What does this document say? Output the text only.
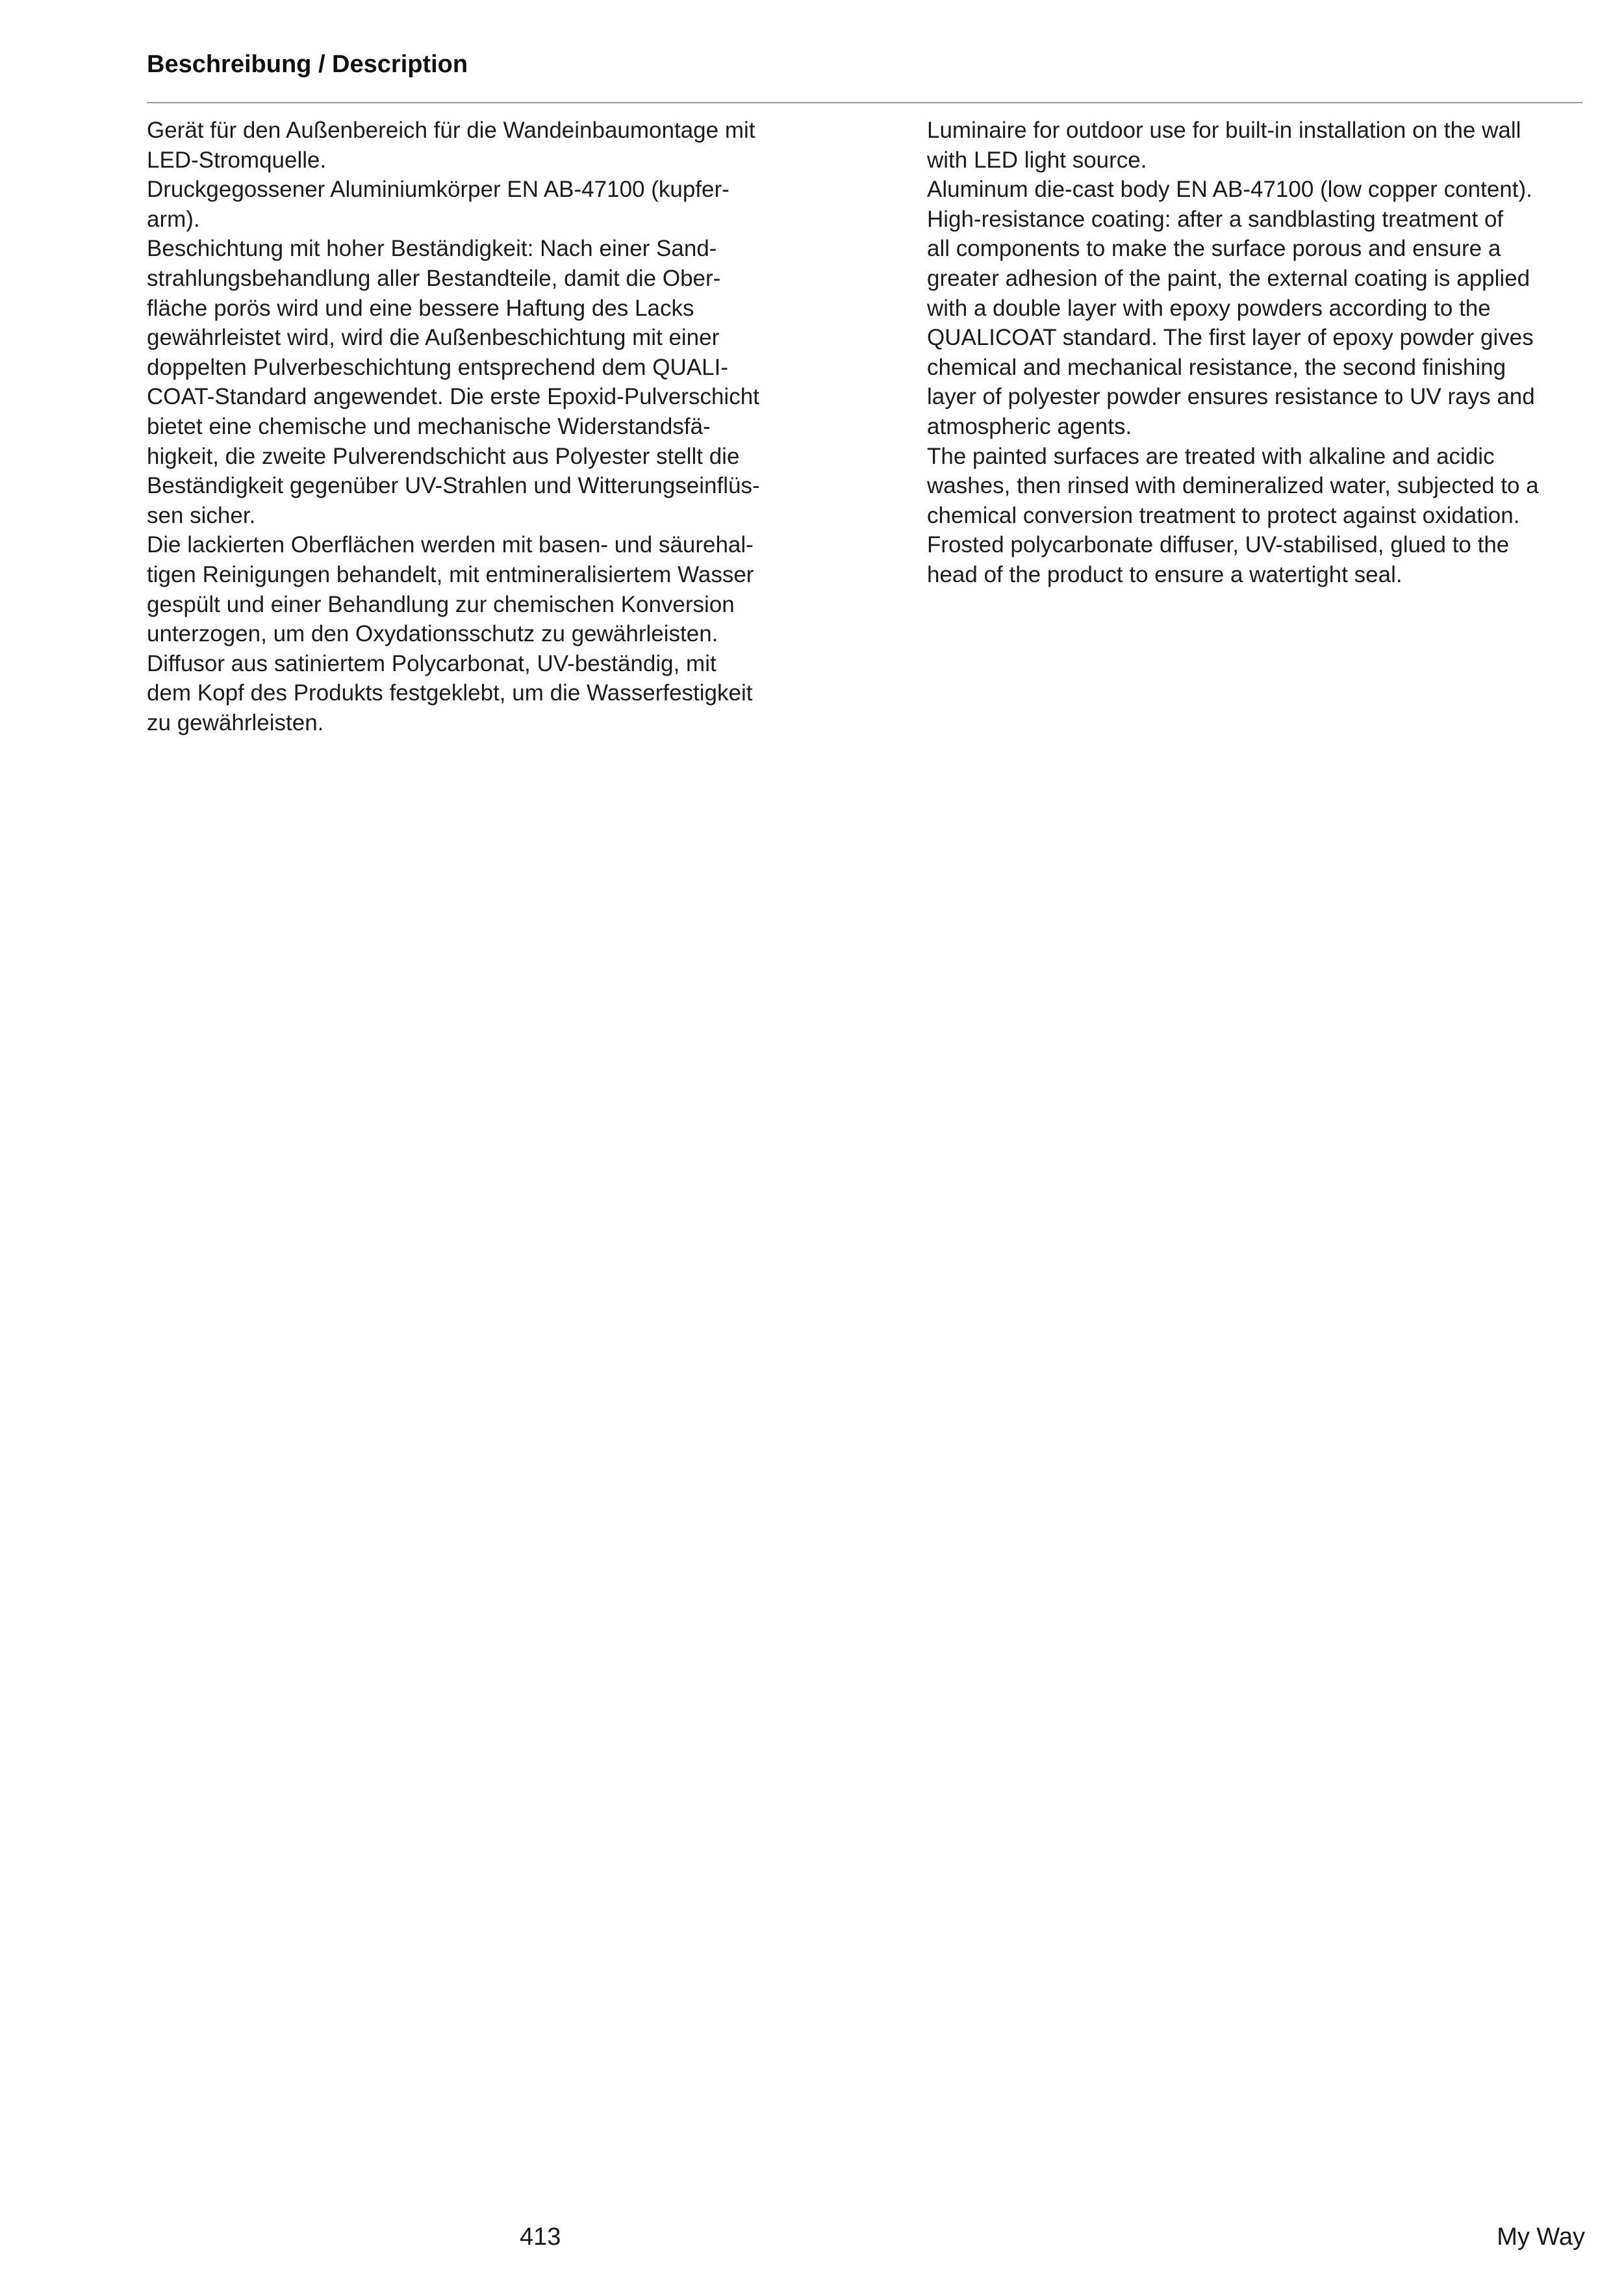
Beschreibung / Description
Gerät für den Außenbereich für die Wandeinbaumontage mit
LED-Stromquelle.
Druckgegossener Aluminiumkörper EN AB-47100 (kupfer-
arm).
Beschichtung mit hoher Beständigkeit: Nach einer Sand-
strahlungsbehandlung aller Bestandteile, damit die Ober-
fläche porös wird und eine bessere Haftung des Lacks
gewährleistet wird, wird die Außenbeschichtung mit einer
doppelten Pulverbeschichtung entsprechend dem QUALI-
COAT-Standard angewendet. Die erste Epoxid-Pulverschicht
bietet eine chemische und mechanische Widerstandsfä-
higkeit, die zweite Pulverendschicht aus Polyester stellt die
Beständigkeit gegenüber UV-Strahlen und Witterungseinflüs-
sen sicher.
Die lackierten Oberflächen werden mit basen- und säurehal-
tigen Reinigungen behandelt, mit entmineralisiertem Wasser
gespült und einer Behandlung zur chemischen Konversion
unterzogen, um den Oxydationsschutz zu gewährleisten.
Diffusor aus satiniertem Polycarbonat, UV-beständig, mit
dem Kopf des Produkts festgeklebt, um die Wasserfestigkeit
zu gewährleisten.
Luminaire for outdoor use for built-in installation on the wall
with LED light source.
Aluminum die-cast body EN AB-47100 (low copper content).
High-resistance coating: after a sandblasting treatment of
all components to make the surface porous and ensure a
greater adhesion of the paint, the external coating is applied
with a double layer with epoxy powders according to the
QUALICOAT standard. The first layer of epoxy powder gives
chemical and mechanical resistance, the second finishing
layer of polyester powder ensures resistance to UV rays and
atmospheric agents.
The painted surfaces are treated with alkaline and acidic
washes, then rinsed with demineralized water, subjected to a
chemical conversion treatment to protect against oxidation.
Frosted polycarbonate diffuser, UV-stabilised, glued to the
head of the product to ensure a watertight seal.
413	My Way
